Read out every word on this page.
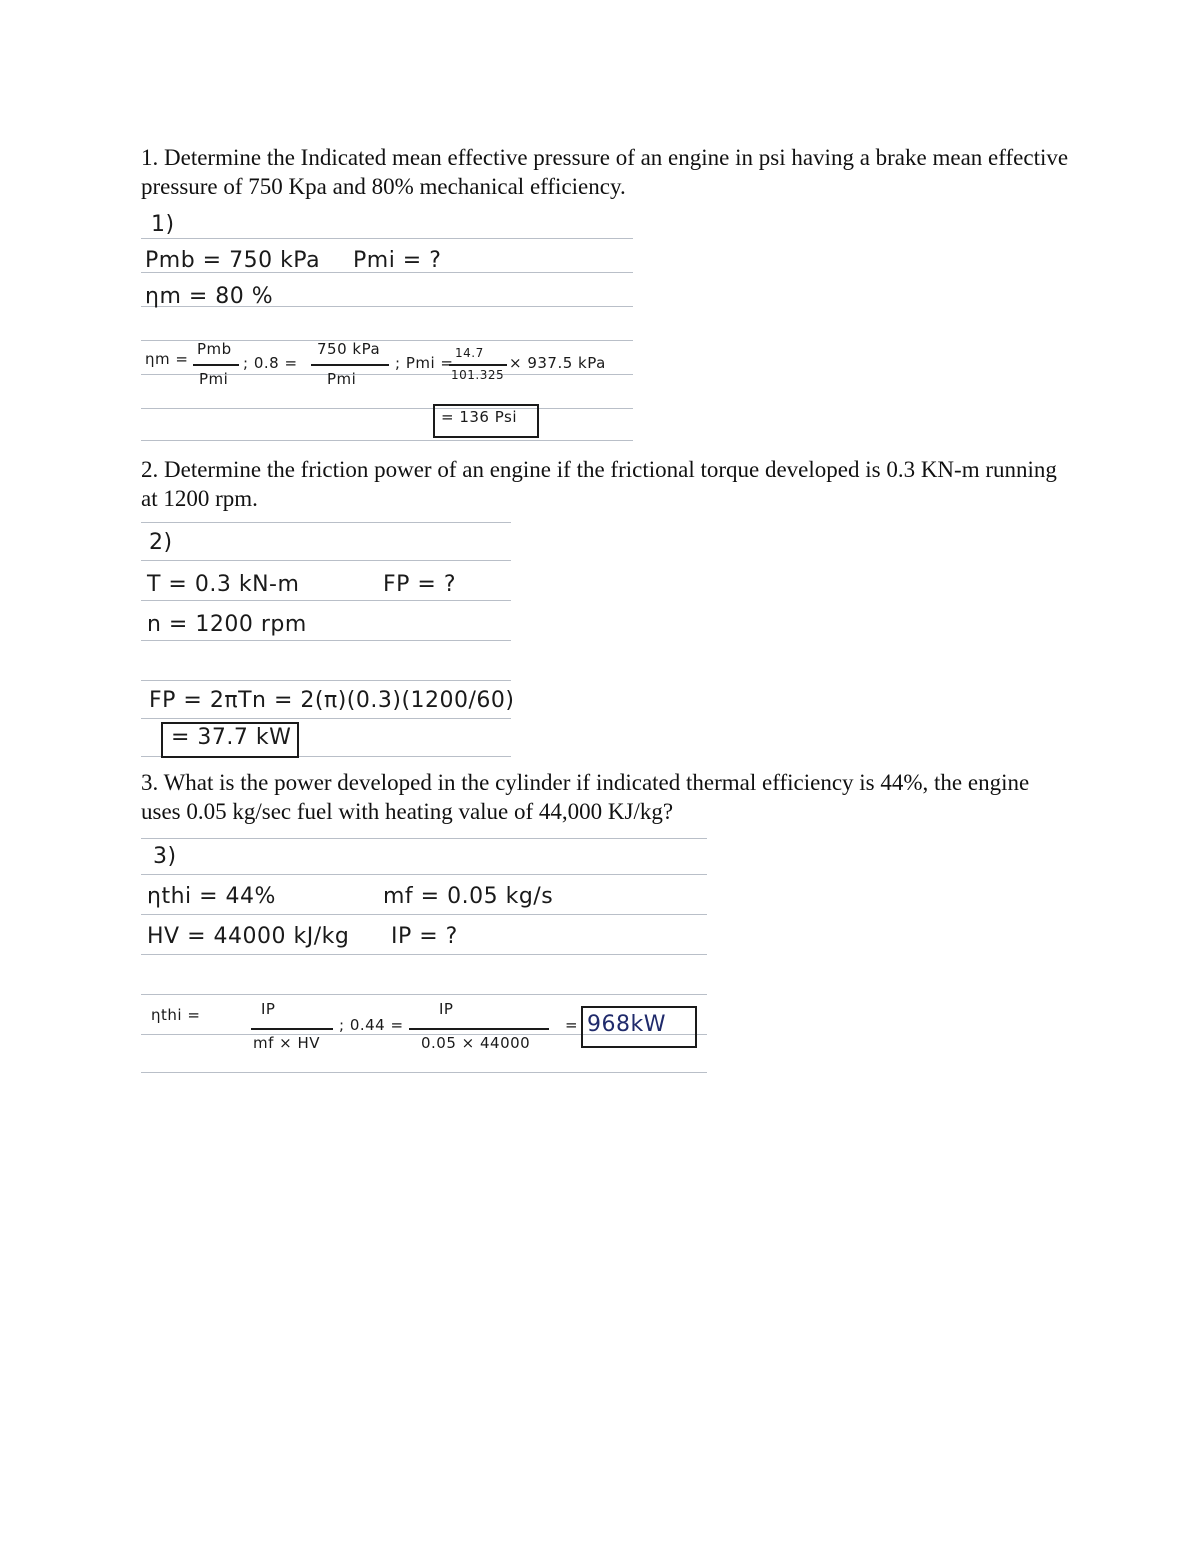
1. Determine the Indicated mean effective pressure of an engine in psi having a brake mean effective pressure of 750 Kpa and 80% mechanical efficiency.

1)
Pmb = 750 kPa Pmi = ?
ηm = 80 %
ηm =
Pmb
Pmi
; 0.8 =
750 kPa
Pmi
; Pmi =
14.7
101.325
× 937.5 kPa
= 136 Psi

2. Determine the friction power of an engine if the frictional torque developed is 0.3 KN-m running at 1200 rpm.

2)
T = 0.3 kN-m	FP = ?
n = 1200 rpm
FP = 2πTn = 2(π)(0.3)(1200/60)
= 37.7 kW

3. What is the power developed in the cylinder if indicated thermal efficiency is 44%, the engine uses 0.05 kg/sec fuel with heating value of 44,000 KJ/kg?

3)
ηthi = 44%	mf = 0.05 kg/s
HV = 44000 kJ/kg IP = ?
ηthi =	IP
mf × HV
; 0.44 =
IP
0.05 × 44000
= 968kW
